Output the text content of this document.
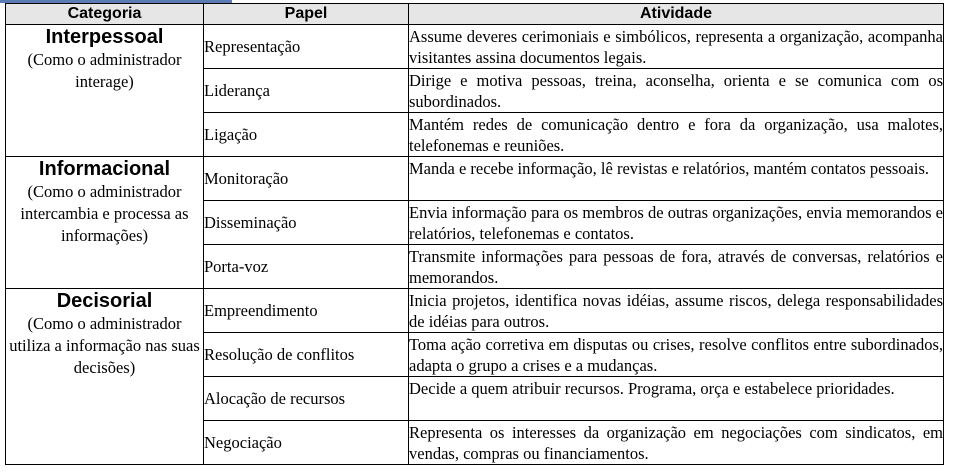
Categoria	Papel	Atividade

Interpessoal
(Como o administrador interage)	Representação	Assume deveres cerimoniais e simbólicos, representa a organização, acompanha visitantes assina documentos legais.
	Liderança	Dirige e motiva pessoas, treina, aconselha, orienta e se comunica com os subordinados.
	Ligação	Mantém redes de comunicação dentro e fora da organização, usa malotes, telefonemas e reuniões.

Informacional
(Como o administrador intercambia e processa as informações)	Monitoração	Manda e recebe informação, lê revistas e relatórios, mantém contatos pessoais.
	Disseminação	Envia informação para os membros de outras organizações, envia memorandos e relatórios, telefonemas e contatos.
	Porta-voz	Transmite informações para pessoas de fora, através de conversas, relatórios e memorandos.

Decisorial
(Como o administrador utiliza a informação nas suas decisões)	Empreendimento	Inicia projetos, identifica novas idéias, assume riscos, delega responsabilidades de idéias para outros.
	Resolução de conflitos	Toma ação corretiva em disputas ou crises, resolve conflitos entre subordinados, adapta o grupo a crises e a mudanças.
	Alocação de recursos	Decide a quem atribuir recursos. Programa, orça e estabelece prioridades.
	Negociação	Representa os interesses da organização em negociações com sindicatos, em vendas, compras ou financiamentos.
